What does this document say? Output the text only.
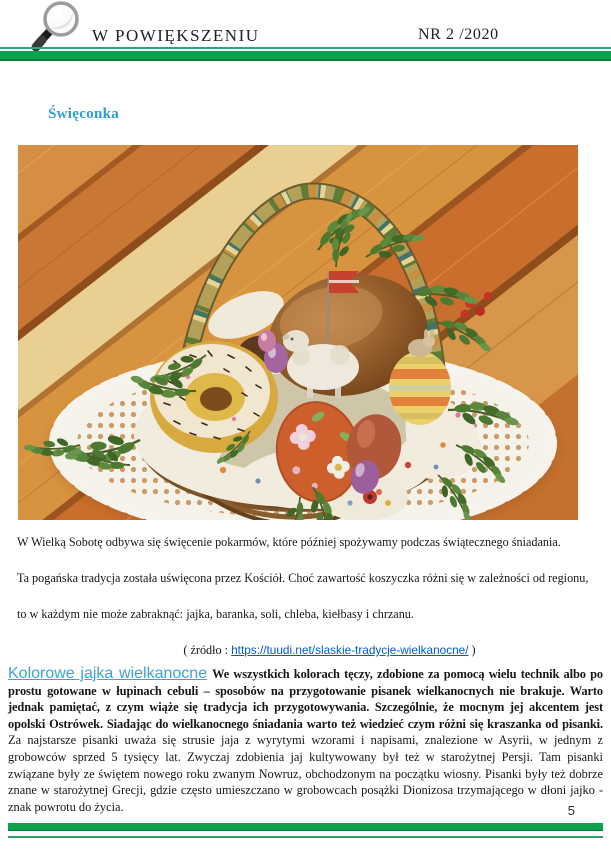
W POWIĘKSZENIU	NR 2 /2020
Święconka
W Wielką Sobotę odbywa się święcenie pokarmów, które później spożywamy podczas świątecznego śniadania.
Ta pogańska tradycja została uświęcona przez Kościół. Choć zawartość koszyczka różni się w zależności od regionu,
to w każdym nie może zabraknąć: jajka, baranka, soli, chleba, kiełbasy i chrzanu.
( źródło : https://tuudi.net/slaskie-tradycje-wielkanocne/ )

Kolorowe jajka wielkanocne We wszystkich kolorach tęczy, zdobione za pomocą wielu technik albo po prostu gotowane w łupinach cebuli – sposobów na przygotowanie pisanek wielkanocnych nie brakuje. Warto jednak pamiętać, z czym wiąże się tradycja ich przygotowywania. Szczególnie, że mocnym jej akcentem jest opolski Ostrówek. Siadając do wielkanocnego śniadania warto też wiedzieć czym różni się kraszanka od pisanki.

Za najstarsze pisanki uważa się strusie jaja z wyrytymi wzorami i napisami, znalezione w Asyrii, w jednym z grobowców sprzed 5 tysięcy lat. Zwyczaj zdobienia jaj kultywowany był też w starożytnej Persji. Tam pisanki związane były ze świętem nowego roku zwanym Nowruz, obchodzonym na początku wiosny. Pisanki były też dobrze znane w starożytnej Grecji, gdzie często umieszczano w grobowcach posążki Dionizosa trzymającego w dłoni jajko - znak powrotu do życia.	5
